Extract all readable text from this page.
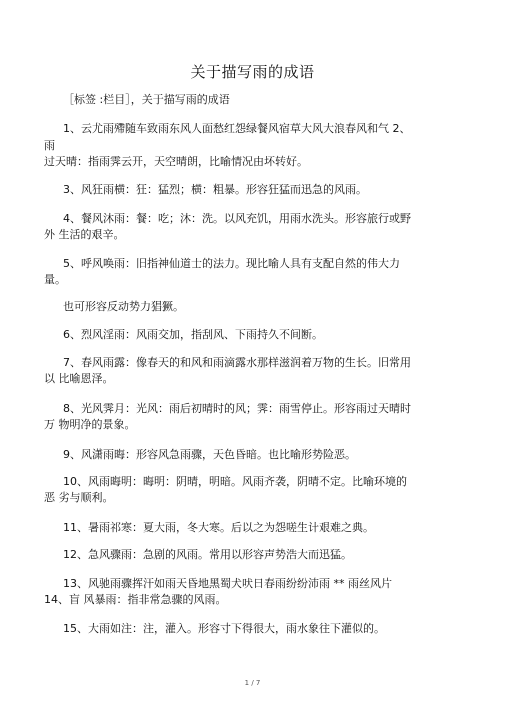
关于描写雨的成语
［标签 :栏目］，关于描写雨的成语
1、云尤雨殢随车致雨东风人面愁红怨绿餐风宿草大风大浪春风和气 2、
雨
过天晴：指雨霁云开，天空晴朗，比喻情况由坏转好。
3、风狂雨横：狂：猛烈；横：粗暴。形容狂猛而迅急的风雨。
4、餐风沐雨：餐：吃；沐：洗。以风充饥，用雨水洗头。形容旅行或野
外 生活的艰辛。
5、呼风唤雨：旧指神仙道士的法力。现比喻人具有支配自然的伟大力
量。
也可形容反动势力猖獗。
6、烈风淫雨：风雨交加，指刮风、下雨持久不间断。
7、春风雨露：像春天的和风和雨滴露水那样滋润着万物的生长。旧常用
以 比喻恩泽。
8、光风霁月：光风：雨后初晴时的风；霁：雨雪停止。形容雨过天晴时
万 物明净的景象。
9、风潇雨晦：形容风急雨骤，天色昏暗。也比喻形势险恶。
10、风雨晦明：晦明：阴晴，明暗。风雨齐袭，阴晴不定。比喻环境的
恶 劣与顺利。
11、暑雨祁寒：夏大雨，冬大寒。后以之为怨嗟生计艰难之典。
12、急风骤雨：急剧的风雨。常用以形容声势浩大而迅猛。
13、风驰雨骤挥汗如雨天昏地黑蜀犬吠日春雨纷纷沛雨 ** 雨丝风片
14、盲 风暴雨：指非常急骤的风雨。
15、大雨如注：注，灌入。形容寸下得很大，雨水象往下灌似的。
1 / 7
